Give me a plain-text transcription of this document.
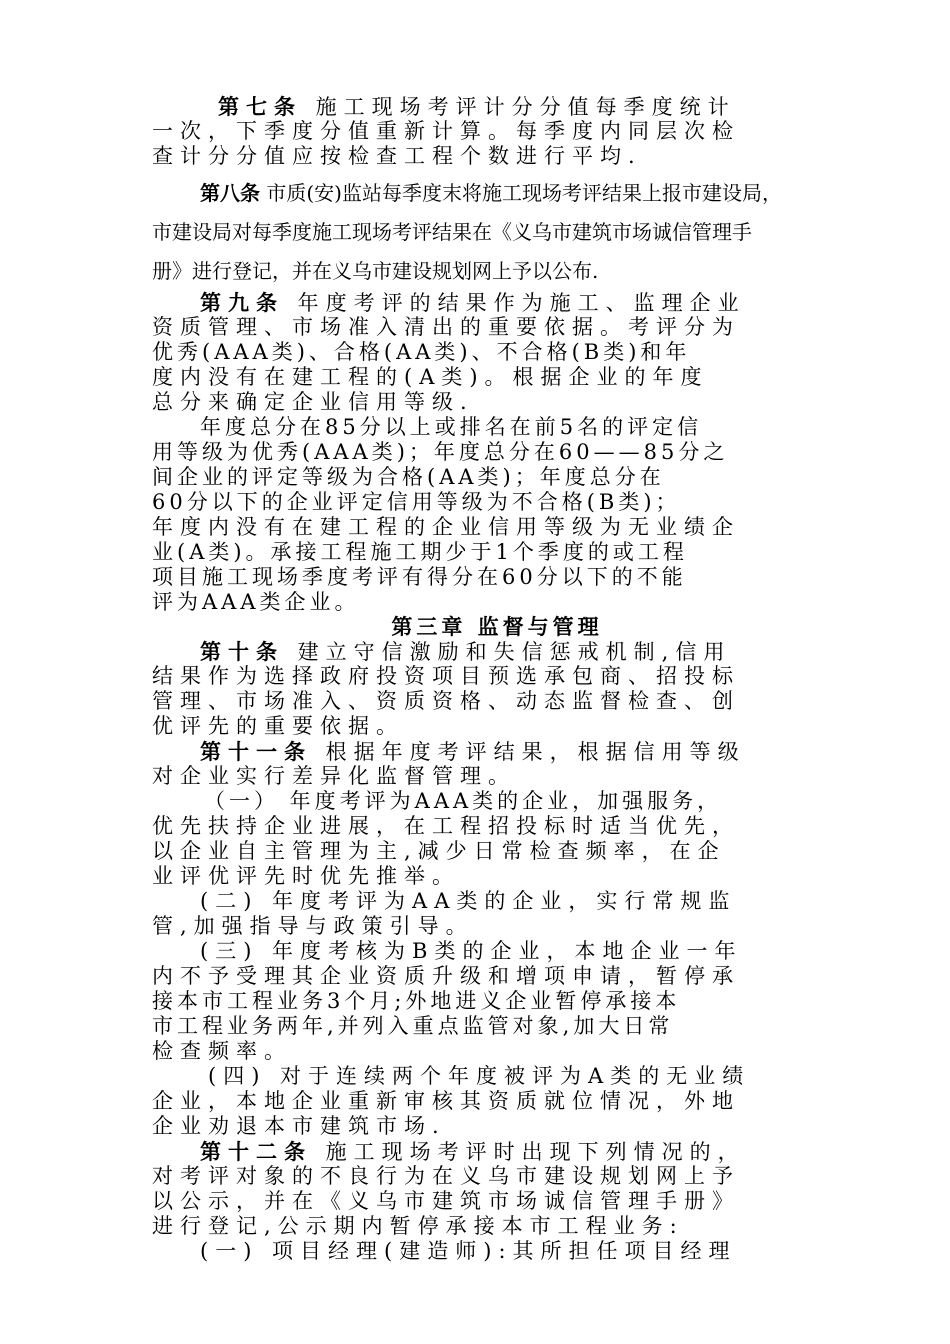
第七条 施工现场考评计分分值每季度统计
一次，下季度分值重新计算。每季度内同层次检
查计分分值应按检查工程个数进行平均.
第八条 市质(安)监站每季度末将施工现场考评结果上报市建设局，
市建设局对每季度施工现场考评结果在《义乌市建筑市场诚信管理手
册》进行登记，并在义乌市建设规划网上予以公布.
第九条 年度考评的结果作为施工、监理企业
资质管理、市场准入清出的重要依据。考评分为
优秀(AAA类)、合格(AA类)、不合格(B类)和年
度内没有在建工程的(A类)。根据企业的年度
总分来确定企业信用等级.
年度总分在85分以上或排名在前5名的评定信
用等级为优秀(AAA类)；年度总分在60——85分之
间企业的评定等级为合格(AA类)；年度总分在
60分以下的企业评定信用等级为不合格(B类)；
年度内没有在建工程的企业信用等级为无业绩企
业(A类)。承接工程施工期少于1个季度的或工程
项目施工现场季度考评有得分在60分以下的不能
评为AAA类企业。
第三章 监督与管理
第十条 建立守信激励和失信惩戒机制,信用
结果作为选择政府投资项目预选承包商、招投标
管理、市场准入、资质资格、动态监督检查、创
优评先的重要依据。
第十一条 根据年度考评结果，根据信用等级
对企业实行差异化监督管理。
（一） 年度考评为AAA类的企业，加强服务，
优先扶持企业进展，在工程招投标时适当优先，
以企业自主管理为主,减少日常检查频率，在企
业评优评先时优先推举。
(二) 年度考评为AA类的企业，实行常规监
管,加强指导与政策引导。
(三) 年度考核为B类的企业，本地企业一年
内不予受理其企业资质升级和增项申请，暂停承
接本市工程业务3个月;外地进义企业暂停承接本
市工程业务两年,并列入重点监管对象,加大日常
检查频率。
(四) 对于连续两个年度被评为A类的无业绩
企业，本地企业重新审核其资质就位情况，外地
企业劝退本市建筑市场.
第十二条 施工现场考评时出现下列情况的，
对考评对象的不良行为在义乌市建设规划网上予
以公示，并在《义乌市建筑市场诚信管理手册》
进行登记,公示期内暂停承接本市工程业务:
(一) 项目经理(建造师):其所担任项目经理
